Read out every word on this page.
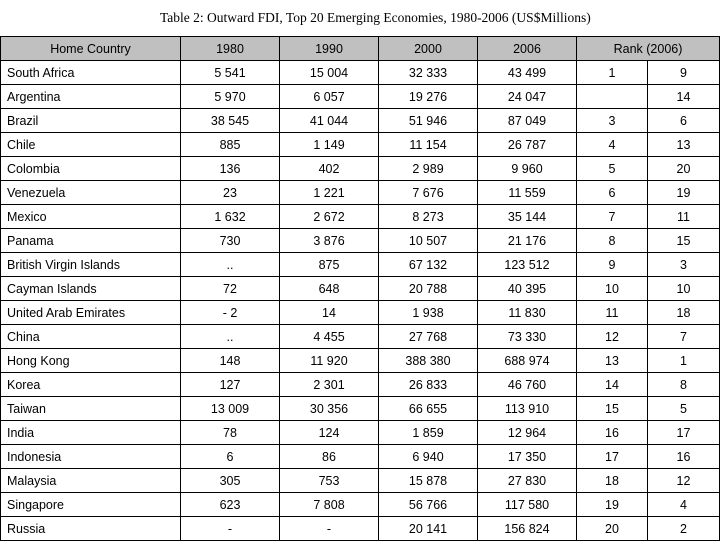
Table 2: Outward FDI, Top 20 Emerging Economies, 1980-2006 (US$Millions)
Home Country	1980	1990	2000	2006	Rank (2006)	
South Africa	5 541	15 004	32 333	43 499	1	9
Argentina	5 970	6 057	19 276	24 047		14
Brazil	38 545	41 044	51 946	87 049	3	6
Chile	885	1 149	11 154	26 787	4	13
Colombia	136	402	2 989	9 960	5	20
Venezuela	23	1 221	7 676	11 559	6	19
Mexico	1 632	2 672	8 273	35 144	7	11
Panama	730	3 876	10 507	21 176	8	15
British Virgin Islands	..	875	67 132	123 512	9	3
Cayman Islands	72	648	20 788	40 395	10	10
United Arab Emirates	- 2	14	1 938	11 830	11	18
China	..	4 455	27 768	73 330	12	7
Hong Kong	148	11 920	388 380	688 974	13	1
Korea	127	2 301	26 833	46 760	14	8
Taiwan	13 009	30 356	66 655	113 910	15	5
India	78	124	1 859	12 964	16	17
Indonesia	6	86	6 940	17 350	17	16
Malaysia	305	753	15 878	27 830	18	12
Singapore	623	7 808	56 766	117 580	19	4
Russia	-	-	20 141	156 824	20	2
